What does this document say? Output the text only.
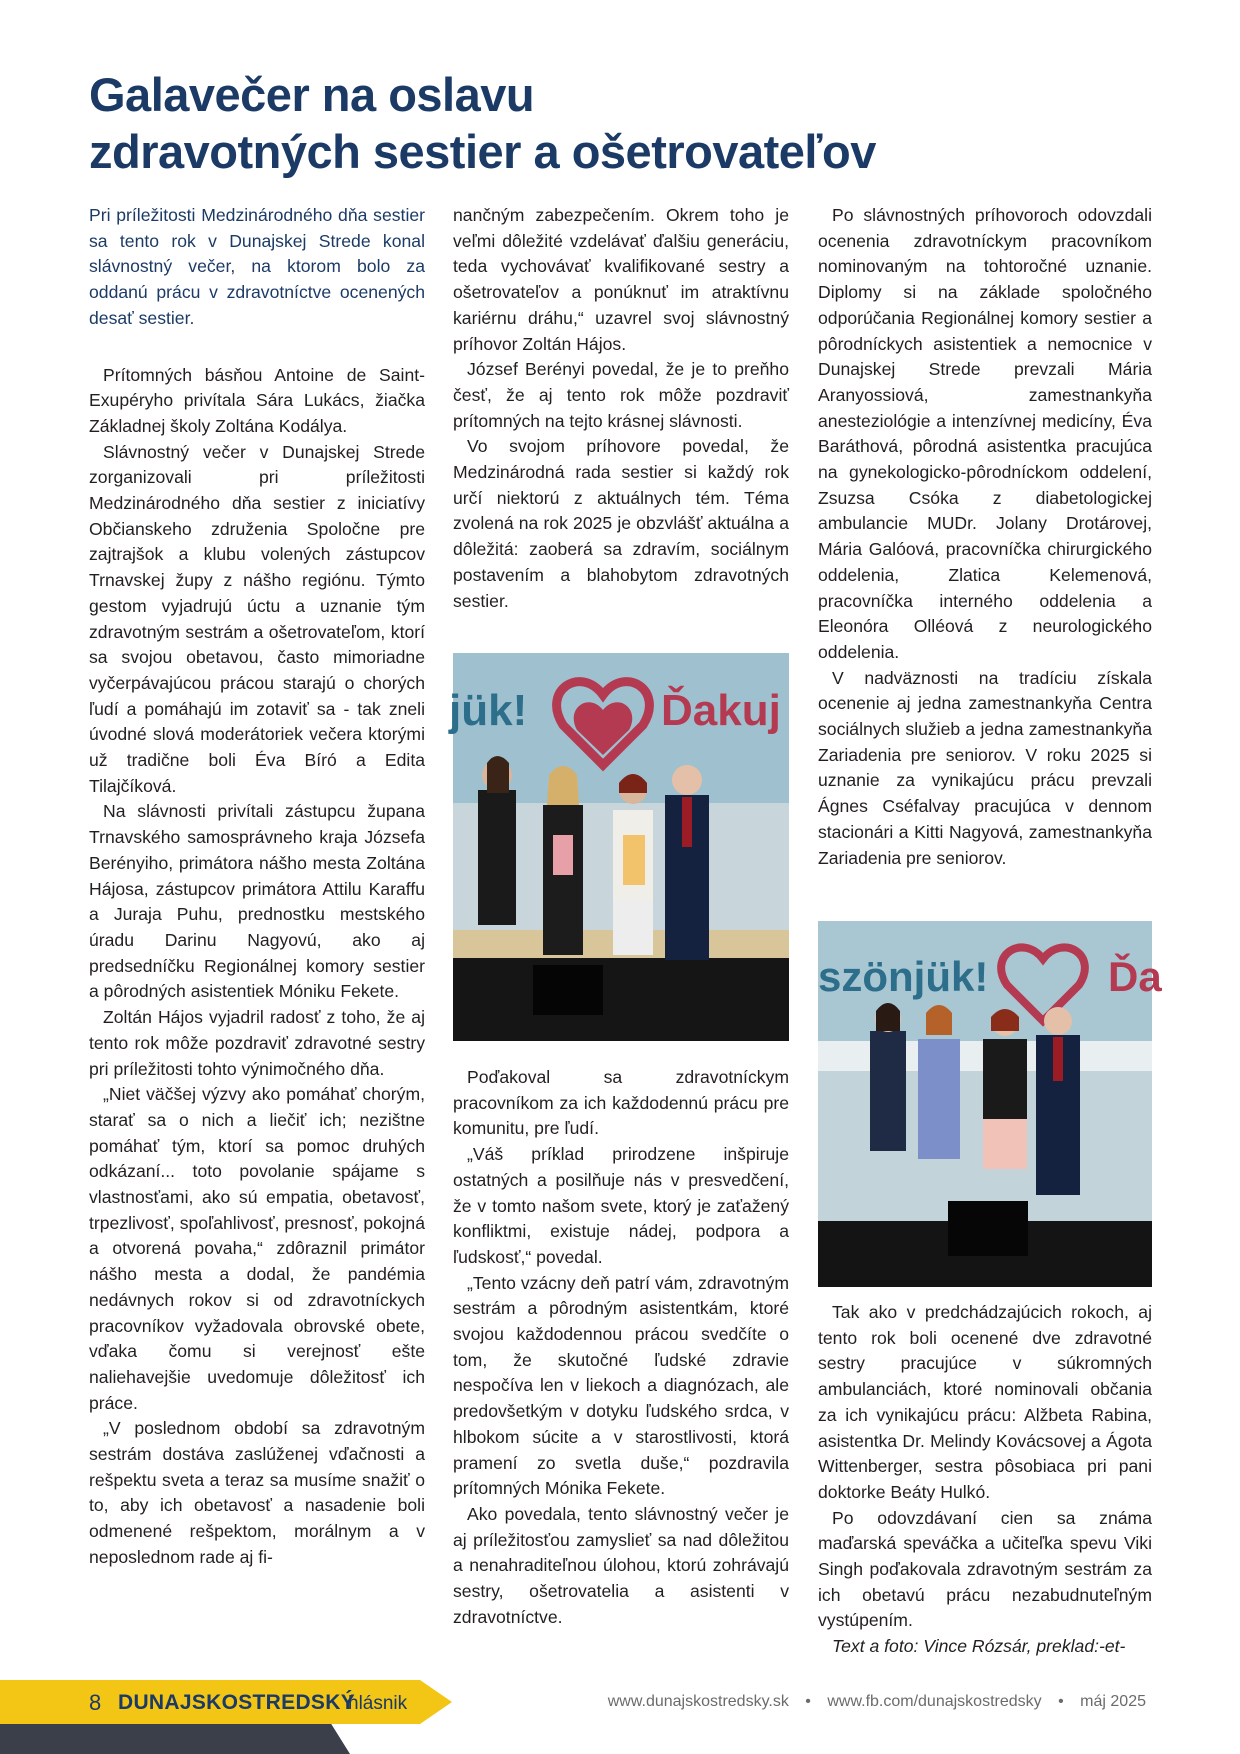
Galavečer na oslavu
zdravotných sestier a ošetrovateľov
Pri príležitosti Medzinárodného dňa sestier sa tento rok v Dunajskej Strede konal slávnostný večer, na ktorom bolo za oddanú prácu v zdravotníctve ocenených desať sestier.
Prítomných básňou Antoine de Saint-Exupéryho privítala Sára Lukács, žiačka Základnej školy Zoltána Kodálya.
Slávnostný večer v Dunajskej Strede zorganizovali pri príležitosti Medzinárodného dňa sestier z iniciatívy Občianskeho združenia Spoločne pre zajtrajšok a klubu volených zástupcov Trnavskej župy z nášho regiónu. Týmto gestom vyjadrujú úctu a uznanie tým zdravotným sestrám a ošetrovateľom, ktorí sa svojou obetavou, často mimoriadne vyčerpávajúcou prácou starajú o chorých ľudí a pomáhajú im zotaviť sa - tak zneli úvodné slová moderátoriek večera ktorými už tradične boli Éva Bíró a Edita Tilajčíková.
Na slávnosti privítali zástupcu župana Trnavského samosprávneho kraja Józsefa Berényiho, primátora nášho mesta Zoltána Hájosa, zástupcov primátora Attilu Karaffu a Juraja Puhu, prednostku mestského úradu Darinu Nagyovú, ako aj predsedníčku Regionálnej komory sestier a pôrodných asistentiek Móniku Fekete.
Zoltán Hájos vyjadril radosť z toho, že aj tento rok môže pozdraviť zdravotné sestry pri príležitosti tohto výnimočného dňa.
„Niet väčšej výzvy ako pomáhať chorým, starať sa o nich a liečiť ich; nezištne pomáhať tým, ktorí sa pomoc druhých odkázaní... toto povolanie spájame s vlastnosťami, ako sú empatia, obetavosť, trpezlivosť, spoľahlivosť, presnosť, pokojná a otvorená povaha,“ zdôraznil primátor nášho mesta a dodal, že pandémia nedávnych rokov si od zdravotníckych pracovníkov vyžadovala obrovské obete, vďaka čomu si verejnosť ešte naliehavejšie uvedomuje dôležitosť ich práce.
„V poslednom období sa zdravotným sestrám dostáva zaslúženej vďačnosti a rešpektu sveta a teraz sa musíme snažiť o to, aby ich obetavosť a nasadenie boli odmenené rešpektom, morálnym a v neposlednom rade aj fi-
nančným zabezpečením. Okrem toho je veľmi dôležité vzdelávať ďalšiu generáciu, teda vychovávať kvalifikované sestry a ošetrovateľov a ponúknuť im atraktívnu kariérnu dráhu,“ uzavrel svoj slávnostný príhovor Zoltán Hájos.
József Berényi povedal, že je to preňho česť, že aj tento rok môže pozdraviť prítomných na tejto krásnej slávnosti.
Vo svojom príhovore povedal, že Medzinárodná rada sestier si každý rok určí niektorú z aktuálnych tém. Téma zvolená na rok 2025 je obzvlášť aktuálna a dôležitá: zaoberá sa zdravím, sociálnym postavením a blahobytom zdravotných sestier.
jük!	Ďakuj
Poďakoval sa zdravotníckym pracovníkom za ich každodennú prácu pre komunitu, pre ľudí.
„Váš príklad prirodzene inšpiruje ostatných a posilňuje nás v presvedčení, že v tomto našom svete, ktorý je zaťažený konfliktmi, existuje nádej, podpora a ľudskosť,“ povedal.
„Tento vzácny deň patrí vám, zdravotným sestrám a pôrodným asistentkám, ktoré svojou každodennou prácou svedčíte o tom, že skutočné ľudské zdravie nespočíva len v liekoch a diagnózach, ale predovšetkým v dotyku ľudského srdca, v hlbokom súcite a v starostlivosti, ktorá pramení zo svetla duše,“ pozdravila prítomných Mónika Fekete.
Ako povedala, tento slávnostný večer je aj príležitosťou zamyslieť sa nad dôležitou a nenahraditeľnou úlohou, ktorú zohrávajú sestry, ošetrovatelia a asistenti v zdravotníctve.
Po slávnostných príhovoroch odovzdali ocenenia zdravotníckym pracovníkom nominovaným na tohtoročné uznanie. Diplomy si na základe spoločného odporúčania Regionálnej komory sestier a pôrodníckych asistentiek a nemocnice v Dunajskej Strede prevzali Mária Aranyossiová, zamestnankyňa anesteziológie a intenzívnej medicíny, Éva Baráthová, pôrodná asistentka pracujúca na gynekologicko-pôrodníckom oddelení, Zsuzsa Csóka z diabetologickej ambulancie MUDr. Jolany Drotárovej, Mária Galóová, pracovníčka chirurgického oddelenia, Zlatica Kelemenová, pracovníčka interného oddelenia a Eleonóra Olléová z neurologického oddelenia.
V nadväznosti na tradíciu získala ocenenie aj jedna zamestnankyňa Centra sociálnych služieb a jedna zamestnankyňa Zariadenia pre seniorov. V roku 2025 si uznanie za vynikajúcu prácu prevzali Ágnes Cséfalvay pracujúca v dennom stacionári a Kitti Nagyová, zamestnankyňa Zariadenia pre seniorov.
szönjük!	Ďa
Tak ako v predchádzajúcich rokoch, aj tento rok boli ocenené dve zdravotné sestry pracujúce v súkromných ambulanciách, ktoré nominovali občania za ich vynikajúcu prácu: Alžbeta Rabina, asistentka Dr. Melindy Kovácsovej a Ágota Wittenberger, sestra pôsobiaca pri pani doktorke Beáty Hulkó.
Po odovzdávaní cien sa známa maďarská speváčka a učiteľka spevu Viki Singh poďakovala zdravotným sestrám za ich obetavú prácu nezabudnuteľným vystúpením.
Text a foto: Vince Rózsár, preklad:-et-
8 DUNAJSKOSTREDSKÝ
hlásnik	www.dunajskostredsky.sk • www.fb.com/dunajskostredsky • máj 2025
